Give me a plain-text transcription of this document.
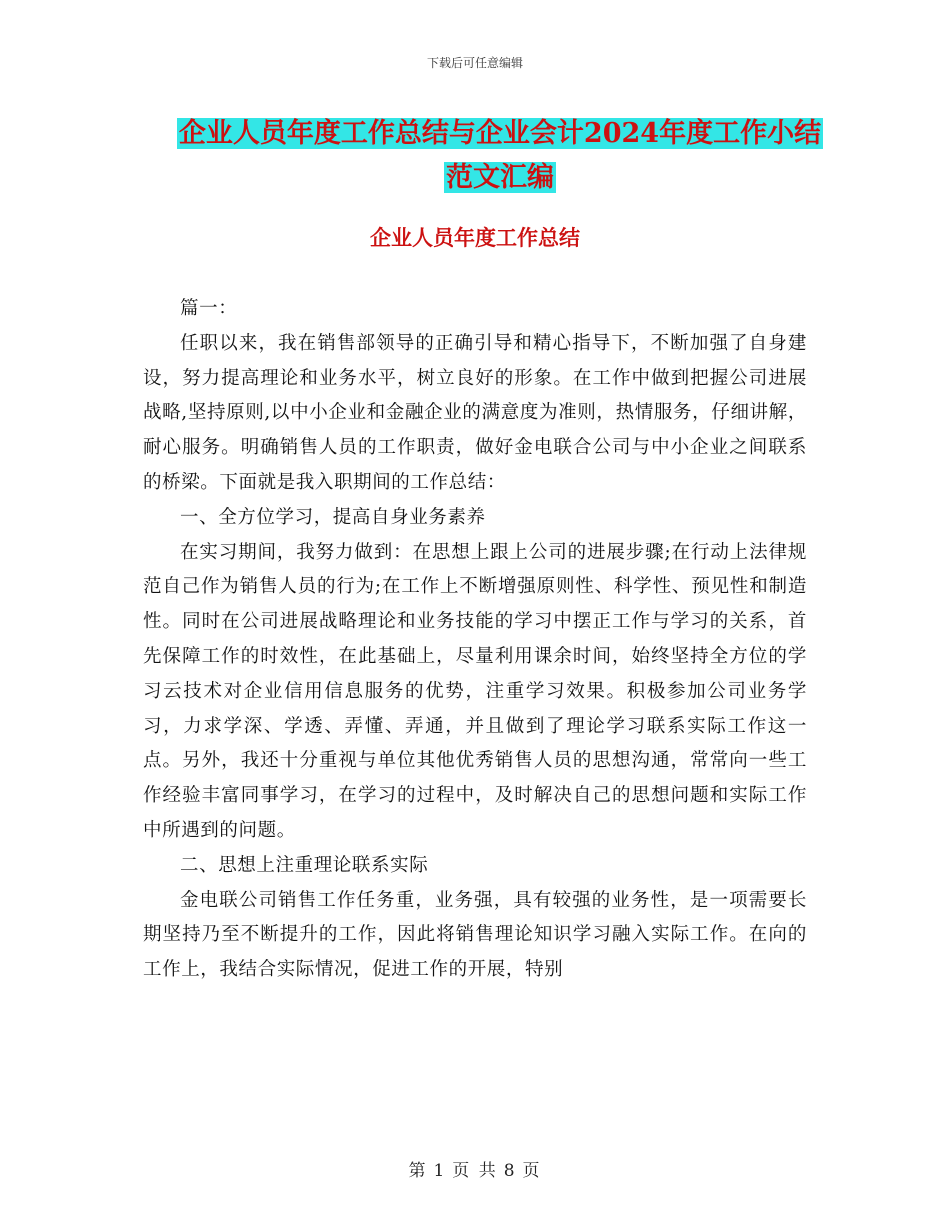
下载后可任意编辑
企业人员年度工作总结与企业会计2024年度工作小结
范文汇编
企业人员年度工作总结

篇一：

任职以来，我在销售部领导的正确引导和精心指导下，不断加强了自身建设，努力提高理论和业务水平，树立良好的形象。在工作中做到把握公司进展战略,坚持原则,以中小企业和金融企业的满意度为准则，热情服务，仔细讲解，耐心服务。明确销售人员的工作职责，做好金电联合公司与中小企业之间联系的桥梁。下面就是我入职期间的工作总结：

一、全方位学习，提高自身业务素养

在实习期间，我努力做到：在思想上跟上公司的进展步骤;在行动上法律规范自己作为销售人员的行为;在工作上不断增强原则性、科学性、预见性和制造性。同时在公司进展战略理论和业务技能的学习中摆正工作与学习的关系，首先保障工作的时效性，在此基础上，尽量利用课余时间，始终坚持全方位的学习云技术对企业信用信息服务的优势，注重学习效果。积极参加公司业务学习，力求学深、学透、弄懂、弄通，并且做到了理论学习联系实际工作这一点。另外，我还十分重视与单位其他优秀销售人员的思想沟通，常常向一些工作经验丰富同事学习，在学习的过程中，及时解决自己的思想问题和实际工作中所遇到的问题。

二、思想上注重理论联系实际

金电联公司销售工作任务重，业务强，具有较强的业务性，是一项需要长期坚持乃至不断提升的工作，因此将销售理论知识学习融入实际工作。在向的工作上，我结合实际情况，促进工作的开展，特别

第 1 页 共 8 页
